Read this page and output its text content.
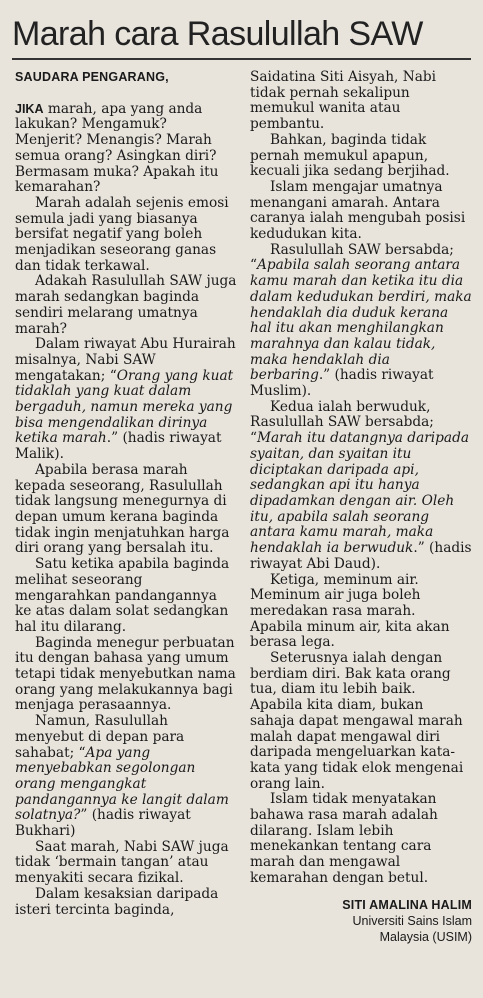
Marah cara Rasulullah SAW

SAUDARA PENGARANG,

JIKA marah, apa yang anda lakukan? Mengamuk? Menjerit? Menangis? Marah semua orang? Asingkan diri? Bermasam muka? Apakah itu kemarahan?

Marah adalah sejenis emosi semula jadi yang biasanya bersifat negatif yang boleh menjadikan seseorang ganas dan tidak terkawal.

Adakah Rasulullah SAW juga marah sedangkan baginda sendiri melarang umatnya marah?

Dalam riwayat Abu Hurairah misalnya, Nabi SAW mengatakan; “Orang yang kuat tidaklah yang kuat dalam bergaduh, namun mereka yang bisa mengendalikan dirinya ketika marah.” (hadis riwayat Malik).

Apabila berasa marah kepada seseorang, Rasulullah tidak langsung menegurnya di depan umum kerana baginda tidak ingin menjatuhkan harga diri orang yang bersalah itu.

Satu ketika apabila baginda melihat seseorang mengarahkan pandangannya ke atas dalam solat sedangkan hal itu dilarang.

Baginda menegur perbuatan itu dengan bahasa yang umum tetapi tidak menyebutkan nama orang yang melakukannya bagi menjaga perasaannya.

Namun, Rasulullah menyebut di depan para sahabat; “Apa yang menyebabkan segolongan orang mengangkat pandangannya ke langit dalam solatnya?” (hadis riwayat Bukhari)

Saat marah, Nabi SAW juga tidak ‘bermain tangan’ atau menyakiti secara fizikal.

Dalam kesaksian daripada isteri tercinta baginda,

Saidatina Siti Aisyah, Nabi tidak pernah sekalipun memukul wanita atau pembantu.

Bahkan, baginda tidak pernah memukul apapun, kecuali jika sedang berjihad.

Islam mengajar umatnya menangani amarah. Antara caranya ialah mengubah posisi kedudukan kita.

Rasulullah SAW bersabda; “Apabila salah seorang antara kamu marah dan ketika itu dia dalam kedudukan berdiri, maka hendaklah dia duduk kerana hal itu akan menghilangkan marahnya dan kalau tidak, maka hendaklah dia berbaring.” (hadis riwayat Muslim).

Kedua ialah berwuduk, Rasulullah SAW bersabda; “Marah itu datangnya daripada syaitan, dan syaitan itu diciptakan daripada api, sedangkan api itu hanya dipadamkan dengan air. Oleh itu, apabila salah seorang antara kamu marah, maka hendaklah ia berwuduk.” (hadis riwayat Abi Daud).

Ketiga, meminum air. Meminum air juga boleh meredakan rasa marah. Apabila minum air, kita akan berasa lega.

Seterusnya ialah dengan berdiam diri. Bak kata orang tua, diam itu lebih baik. Apabila kita diam, bukan sahaja dapat mengawal marah malah dapat mengawal diri daripada mengeluarkan kata-kata yang tidak elok mengenai orang lain.

Islam tidak menyatakan bahawa rasa marah adalah dilarang. Islam lebih menekankan tentang cara marah dan mengawal kemarahan dengan betul.

SITI AMALINA HALIM
Universiti Sains Islam
Malaysia (USIM)
